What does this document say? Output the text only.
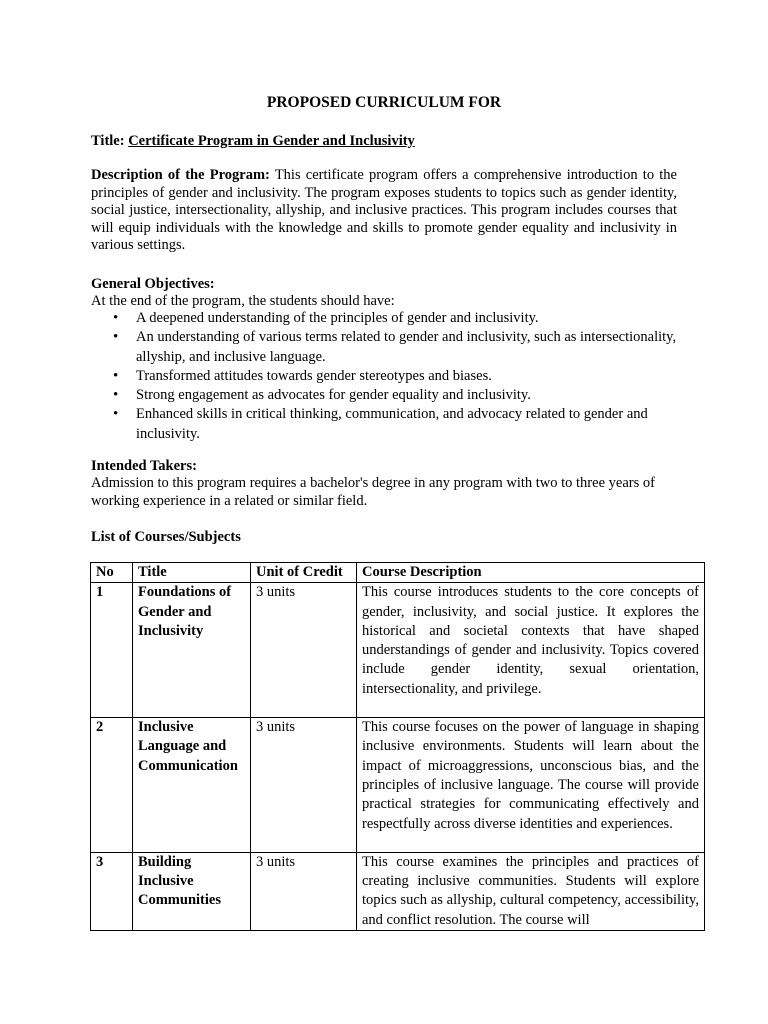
PROPOSED CURRICULUM FOR
Title: Certificate Program in Gender and Inclusivity
Description of the Program: This certificate program offers a comprehensive introduction to the principles of gender and inclusivity. The program exposes students to topics such as gender identity, social justice, intersectionality, allyship, and inclusive practices. This program includes courses that will equip individuals with the knowledge and skills to promote gender equality and inclusivity in various settings.
General Objectives:
At the end of the program, the students should have:
• A deepened understanding of the principles of gender and inclusivity.
• An understanding of various terms related to gender and inclusivity, such as intersectionality, allyship, and inclusive language.
• Transformed attitudes towards gender stereotypes and biases.
• Strong engagement as advocates for gender equality and inclusivity.
• Enhanced skills in critical thinking, communication, and advocacy related to gender and inclusivity.
Intended Takers:
Admission to this program requires a bachelor's degree in any program with two to three years of working experience in a related or similar field.
List of Courses/Subjects
No	Title	Unit of Credit	Course Description
1	Foundations of Gender and Inclusivity	3 units	This course introduces students to the core concepts of gender, inclusivity, and social justice. It explores the historical and societal contexts that have shaped understandings of gender and inclusivity. Topics covered include gender identity, sexual orientation, intersectionality, and privilege.
2	Inclusive Language and Communication	3 units	This course focuses on the power of language in shaping inclusive environments. Students will learn about the impact of microaggressions, unconscious bias, and the principles of inclusive language. The course will provide practical strategies for communicating effectively and respectfully across diverse identities and experiences.
3	Building Inclusive Communities	3 units	This course examines the principles and practices of creating inclusive communities. Students will explore topics such as allyship, cultural competency, accessibility, and conflict resolution. The course will
